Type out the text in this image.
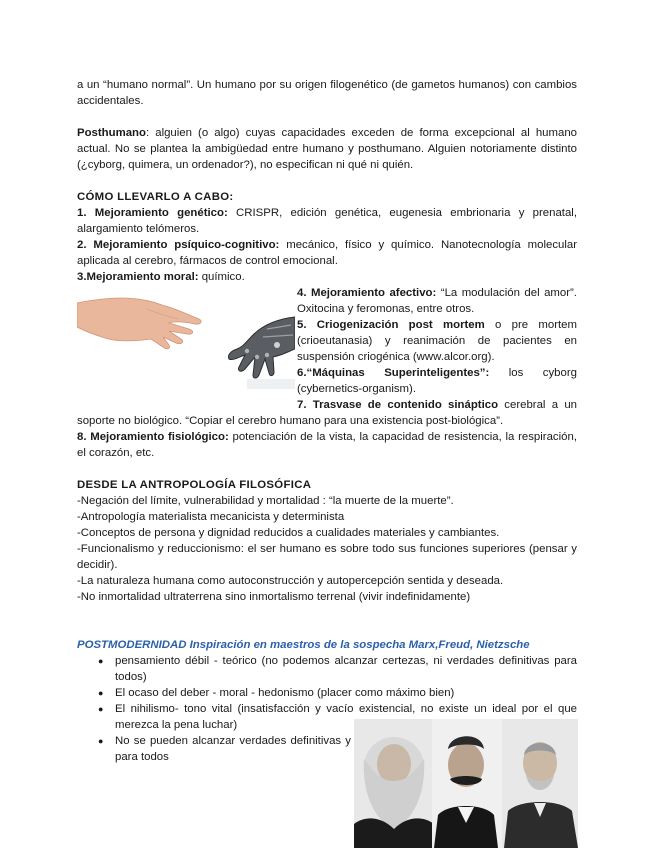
a un “humano normal”. Un humano por su origen filogenético (de gametos humanos) con cambios accidentales.

Posthumano: alguien (o algo) cuyas capacidades exceden de forma excepcional al humano actual. No se plantea la ambigüedad entre humano y posthumano. Alguien notoriamente distinto (¿cyborg, quimera, un ordenador?), no especifican ni qué ni quién.

CÓMO LLEVARLO A CABO:

1. Mejoramiento genético: CRISPR, edición genética, eugenesia embrionaria y prenatal, alargamiento telómeros.

2. Mejoramiento psíquico-cognitivo: mecánico, físico y químico. Nanotecnología molecular aplicada al cerebro, fármacos de control emocional.

3.Mejoramiento moral: químico.

4. Mejoramiento afectivo: “La modulación del amor”. Oxitocina y feromonas, entre otros.

5. Criogenización post mortem o pre mortem (crioeutanasia) y reanimación de pacientes en suspensión criogénica (www.alcor.org).

6.“Máquinas Superinteligentes”: los cyborg (cybernetics-organism).

7. Trasvase de contenido sináptico cerebral a un soporte no biológico. “Copiar el cerebro humano para una existencia post-biológica”.

8. Mejoramiento fisiológico: potenciación de la vista, la capacidad de resistencia, la respiración, el corazón, etc.

DESDE LA ANTROPOLOGÍA FILOSÓFICA

-Negación del límite, vulnerabilidad y mortalidad : “la muerte de la muerte”.

-Antropología materialista mecanicista y determinista

-Conceptos de persona y dignidad reducidos a cualidades materiales y cambiantes.

-Funcionalismo y reduccionismo: el ser humano es sobre todo sus funciones superiores (pensar y decidir).

-La naturaleza humana como autoconstrucción y autopercepción sentida y deseada.

-No inmortalidad ultraterrena sino inmortalismo terrenal (vivir indefinidamente)

POSTMODERNIDAD Inspiración en maestros de la sospecha Marx,Freud, Nietzsche

● pensamiento débil - teórico (no podemos alcanzar certezas, ni verdades definitivas para todos)
● El ocaso del deber - moral - hedonismo (placer como máximo bien)
● El nihilismo- tono vital (insatisfacción y vacío existencial, no existe un ideal por el que merezca la pena luchar)
● No se pueden alcanzar verdades definitivas y para todos
